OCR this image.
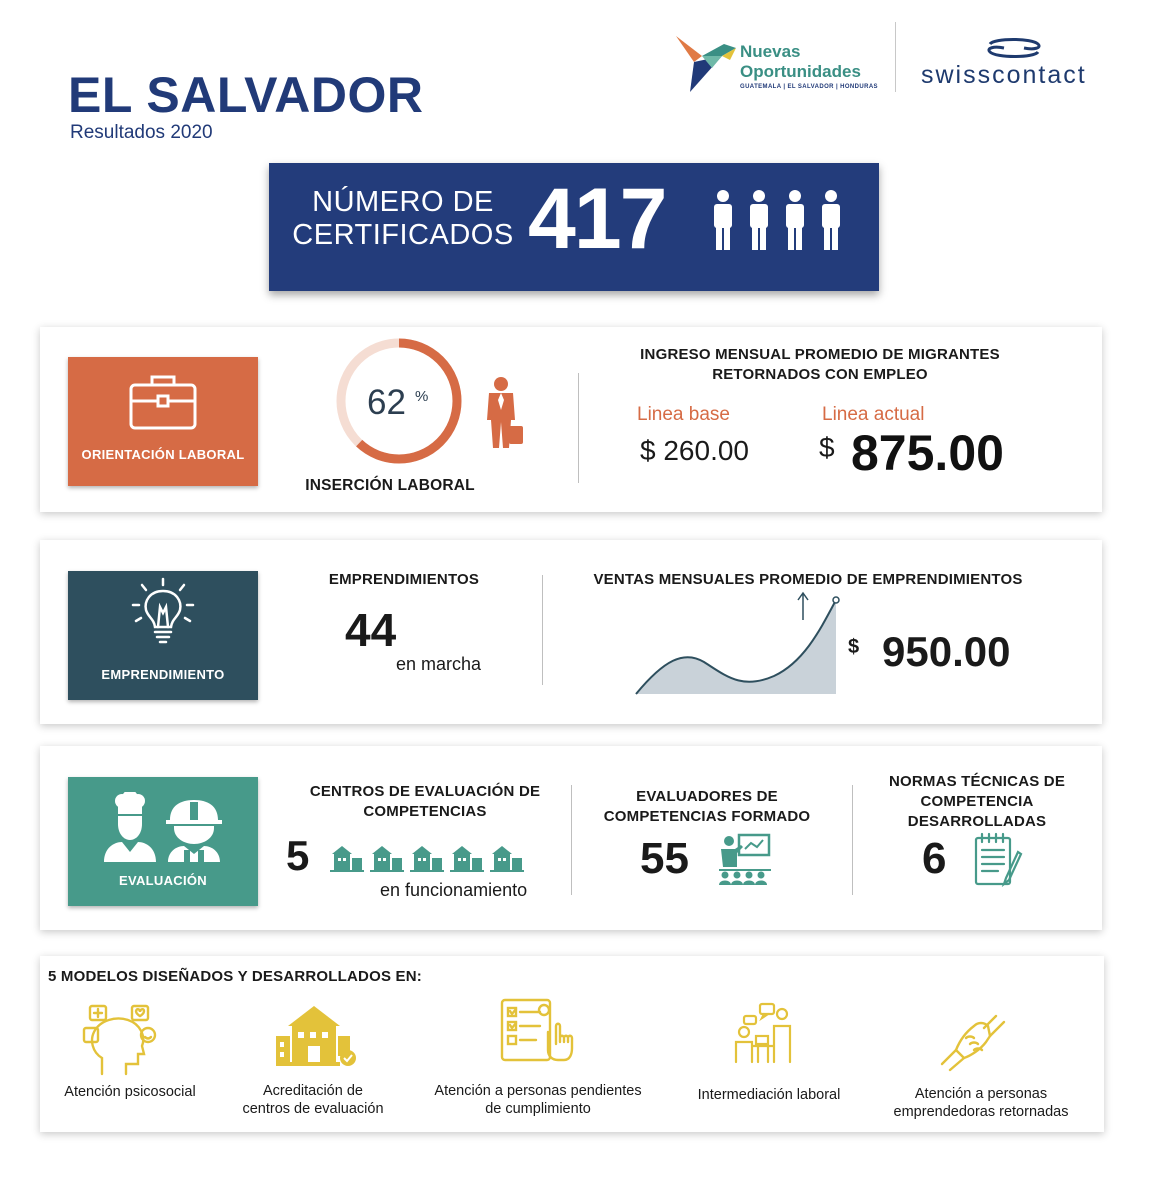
EL SALVADOR
Resultados 2020
Nuevas
Oportunidades
GUATEMALA | EL SALVADOR | HONDURAS swisscontact
NÚMERO DE CERTIFICADOS 417
ORIENTACIÓN LABORAL
62 %
INSERCIÓN LABORAL
INGRESO MENSUAL PROMEDIO DE MIGRANTES RETORNADOS CON EMPLEO
Linea base
$ 260.00
Linea actual
$ 875.00
EMPRENDIMIENTO
EMPRENDIMIENTOS
44
en marcha
VENTAS MENSUALES PROMEDIO DE EMPRENDIMIENTOS
$ 950.00
EVALUACIÓN
CENTROS DE EVALUACIÓN DE COMPETENCIAS
5
en funcionamiento
EVALUADORES DE COMPETENCIAS FORMADO
55
NORMAS TÉCNICAS DE COMPETENCIA DESARROLLADAS
6
5 MODELOS DISEÑADOS Y DESARROLLADOS EN:
Atención psicosocial	Acreditación de
centros de evaluación
Atención a personas pendientes
de cumplimiento
Intermediación laboral	Atención a personas
emprendedoras retornadas
